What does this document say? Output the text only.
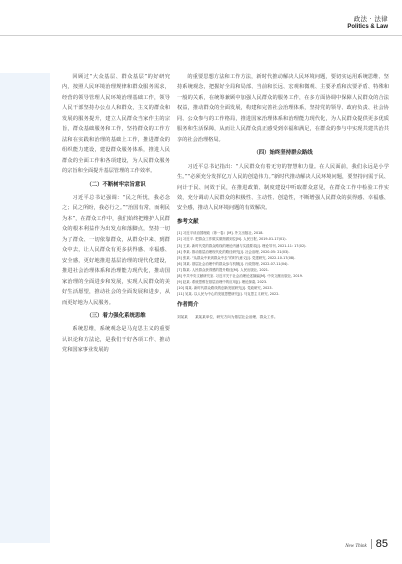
政法 · 法律
Politics & Law

回顾过“大众基层、群众基层”的好研究内，按照人民环境治理规律和群众服务需求，经营的领导管理人民环境治理基础工作，领导人民干部坚持办公点人和群众，主义的群众和发展的服务提升，建立人民群众当家作主的宗旨，群众基础服务和工作，坚持群众的工作方法和在实践和治理的基础上工作，推进群众的组织能力建设，建设群众服务体系，推进人民群众的全面工作和各项建设，为人民群众服务的宗旨和全面提升基层管理的工作效率。

（二）不断树牢宗旨意识

习近平总书记强调：“民之所忧，我必念之；民之所盼，我必行之。”“治国有常，而利民为本”，在群众工作中，我们始终把维护人民群众的根本利益作为出发点和落脚点，坚持一切为了群众、一切依靠群众，从群众中来、到群众中去，让人民群众有更多获得感、幸福感、安全感，更好地推进基层治理的现代化建设，推进社会治理体系和治理能力现代化，推动国家治理的全面进步和发展，实现人民群众的美好生活愿望，推动社会的全面发展和进步，从而更好地为人民服务。

（三）着力强化系统思维

系统思维，系统观念是马克思主义的重要认识论和方法论，是我们干好各项工作、推动党和国家事业发展的

的重要思想方法和工作方法，新时代推动解决人民环境问题，要切实运用系统思维、坚持系统观念，把握好全局和局部、当前和长远、宏观和微观、主要矛盾和次要矛盾、特殊和一般的关系，在统筹兼顾中加强人民群众的服务工作，在多方面协调中保障人民群众的合法权益，推动群众的全面发展，构建和完善社会治理体系，坚持党的领导、政府负责、社会协同、公众参与的工作格局，推进国家治理体系和治理能力现代化，为人民群众提供更多优质服务和生活保障，从而让人民群众真正感受到幸福和满足，在群众的参与中实现共建共治共享的社会治理格局。

（四）始终坚持群众路线

习近平总书记指出：“人民群众有着无穷的智慧和力量。在人民面前，我们永远是小学生。”“必须充分发挥亿万人民的创造伟力。”新时代推动解决人民环境问题，要坚持问需于民、问计于民、问效于民，在推进政策、制度建设中听取群众意见，在群众工作中检验工作实效，充分调动人民群众的积极性、主动性、创造性，不断增强人民群众的获得感、幸福感、安全感，推动人民环境问题的有效解决。

参考文献
[1] 习近平谈治国理政（第一卷）[M]. 外文出版社, 2018.
[2] 习近平. 把群众工作做实做细做到位[N]. 人民日报, 2019-01-17(01).
[3] 王某. 新时代党的群众路线的理论内涵与实践要求[J]. 理论导刊, 2021-11: 17(02).
[4] 李某. 推动基层治理现代化的路径研究[J]. 社会治理, 2020-05: 21(03).
[5] 张某. “从群众中来到群众中去”的时代意义[J]. 党建研究, 2022-10-17(08).
[6] 刘某. 基层社会治理中的群众参与机制[J]. 行政管理, 2022-07-11(04).
[7] 陈某. 人民群众获得感的提升路径[M]. 人民出版社, 2021.
[8] 中共中央文献研究室. 习近平关于社会治理论述摘编[M]. 中央文献出版社, 2019.
[9] 赵某. 系统思维在基层治理中的应用[J]. 理论探索, 2023.
[10] 周某. 新时代群众路线的创新发展研究[J]. 党政研究, 2023.
[11] 吴某. 以人民为中心的发展思想研究[J]. 马克思主义研究, 2022.
作者简介
刘某某　　某某某单位，研究方向为基层社会治理、群众工作。
New Think 85
